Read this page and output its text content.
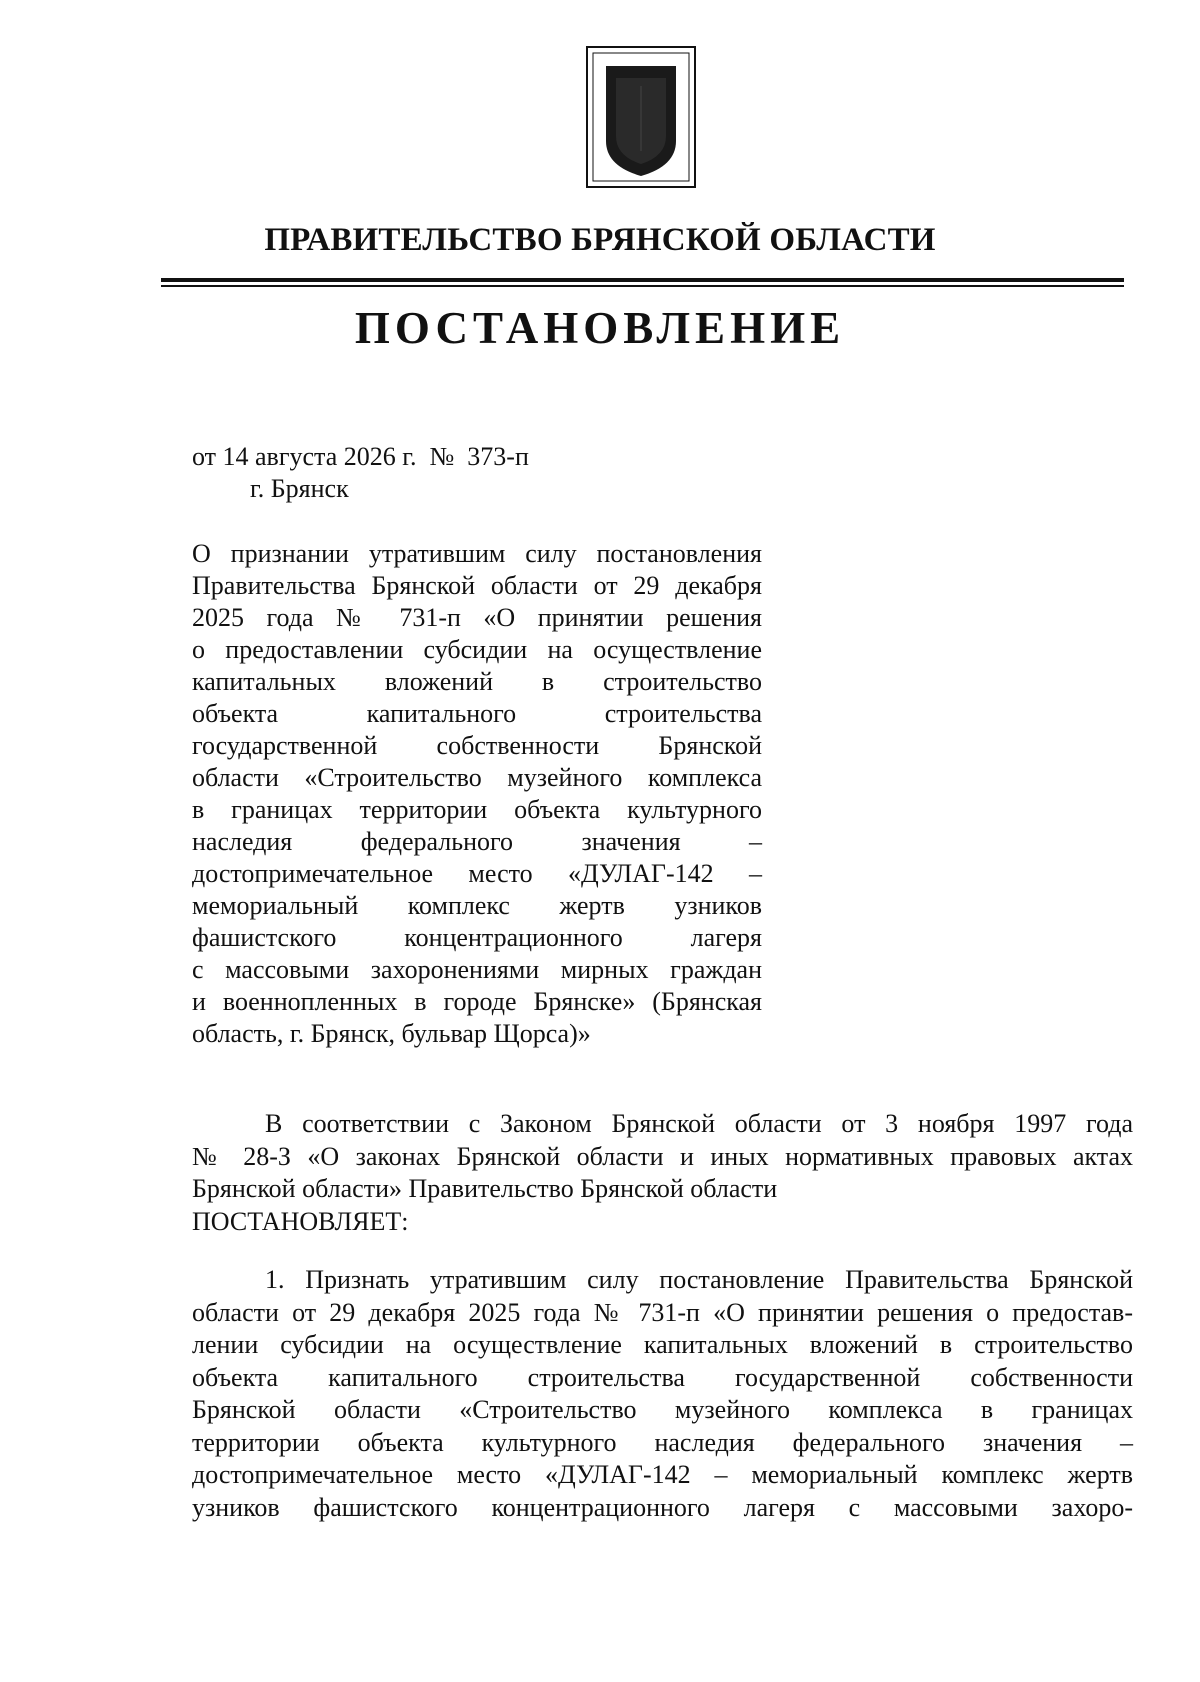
ПРАВИТЕЛЬСТВО БРЯНСКОЙ ОБЛАСТИ
ПОСТАНОВЛЕНИЕ
от 14 августа 2026 г.  №  373-п
г. Брянск
О признании утратившим силу постановления
Правительства Брянской области от 29 декабря
2025 года № 731-п «О принятии решения
о предоставлении субсидии на осуществление
капитальных вложений в строительство
объекта капитального строительства
государственной собственности Брянской
области «Строительство музейного комплекса
в границах территории объекта культурного
наследия федерального значения –
достопримечательное место «ДУЛАГ-142 –
мемориальный комплекс жертв узников
фашистского концентрационного лагеря
с массовыми захоронениями мирных граждан
и военнопленных в городе Брянске» (Брянская
область, г. Брянск, бульвар Щорса)»
В соответствии с Законом Брянской области от 3 ноября 1997 года
№ 28-З «О законах Брянской области и иных нормативных правовых актах
Брянской области» Правительство Брянской области
ПОСТАНОВЛЯЕТ:
1. Признать утратившим силу постановление Правительства Брянской
области от 29 декабря 2025 года № 731-п «О принятии решения о предостав-
лении субсидии на осуществление капитальных вложений в строительство
объекта капитального строительства государственной собственности
Брянской области «Строительство музейного комплекса в границах
территории объекта культурного наследия федерального значения –
достопримечательное место «ДУЛАГ-142 – мемориальный комплекс жертв
узников фашистского концентрационного лагеря с массовыми захоро-
